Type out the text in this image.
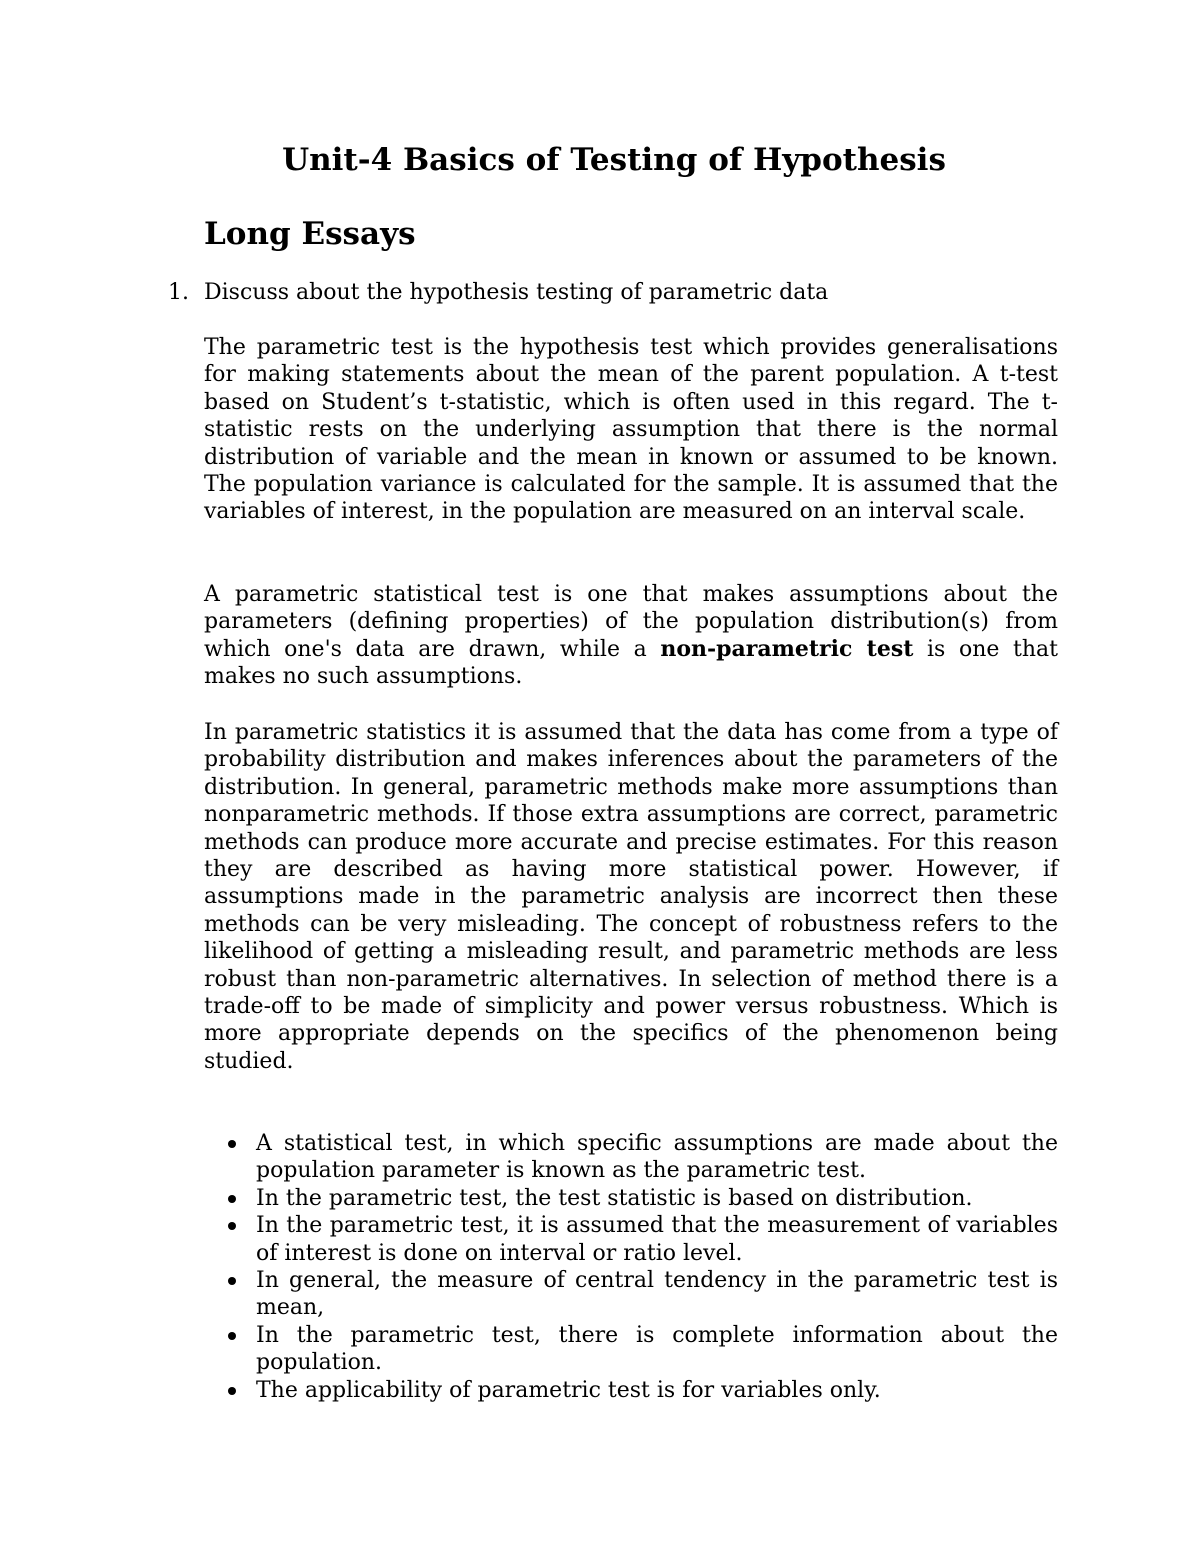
Unit-4 Basics of Testing of Hypothesis
Long Essays
1. Discuss about the hypothesis testing of parametric data

The parametric test is the hypothesis test which provides generalisations for making statements about the mean of the parent population. A t-test based on Student’s t-statistic, which is often used in this regard. The t-statistic rests on the underlying assumption that there is the normal distribution of variable and the mean in known or assumed to be known. The population variance is calculated for the sample. It is assumed that the variables of interest, in the population are measured on an interval scale.

A parametric statistical test is one that makes assumptions about the parameters (defining properties) of the population distribution(s) from which one's data are drawn, while a non-parametric test is one that makes no such assumptions.

In parametric statistics it is assumed that the data has come from a type of probability distribution and makes inferences about the parameters of the distribution. In general, parametric methods make more assumptions than nonparametric methods. If those extra assumptions are correct, parametric methods can produce more accurate and precise estimates. For this reason they are described as having more statistical power. However, if assumptions made in the parametric analysis are incorrect then these methods can be very misleading. The concept of robustness refers to the likelihood of getting a misleading result, and parametric methods are less robust than non-parametric alternatives. In selection of method there is a trade-off to be made of simplicity and power versus robustness. Which is more appropriate depends on the specifics of the phenomenon being studied.

A statistical test, in which specific assumptions are made about the population parameter is known as the parametric test.
In the parametric test, the test statistic is based on distribution.
In the parametric test, it is assumed that the measurement of variables of interest is done on interval or ratio level.
In general, the measure of central tendency in the parametric test is mean,
In the parametric test, there is complete information about the population.
The applicability of parametric test is for variables only.
